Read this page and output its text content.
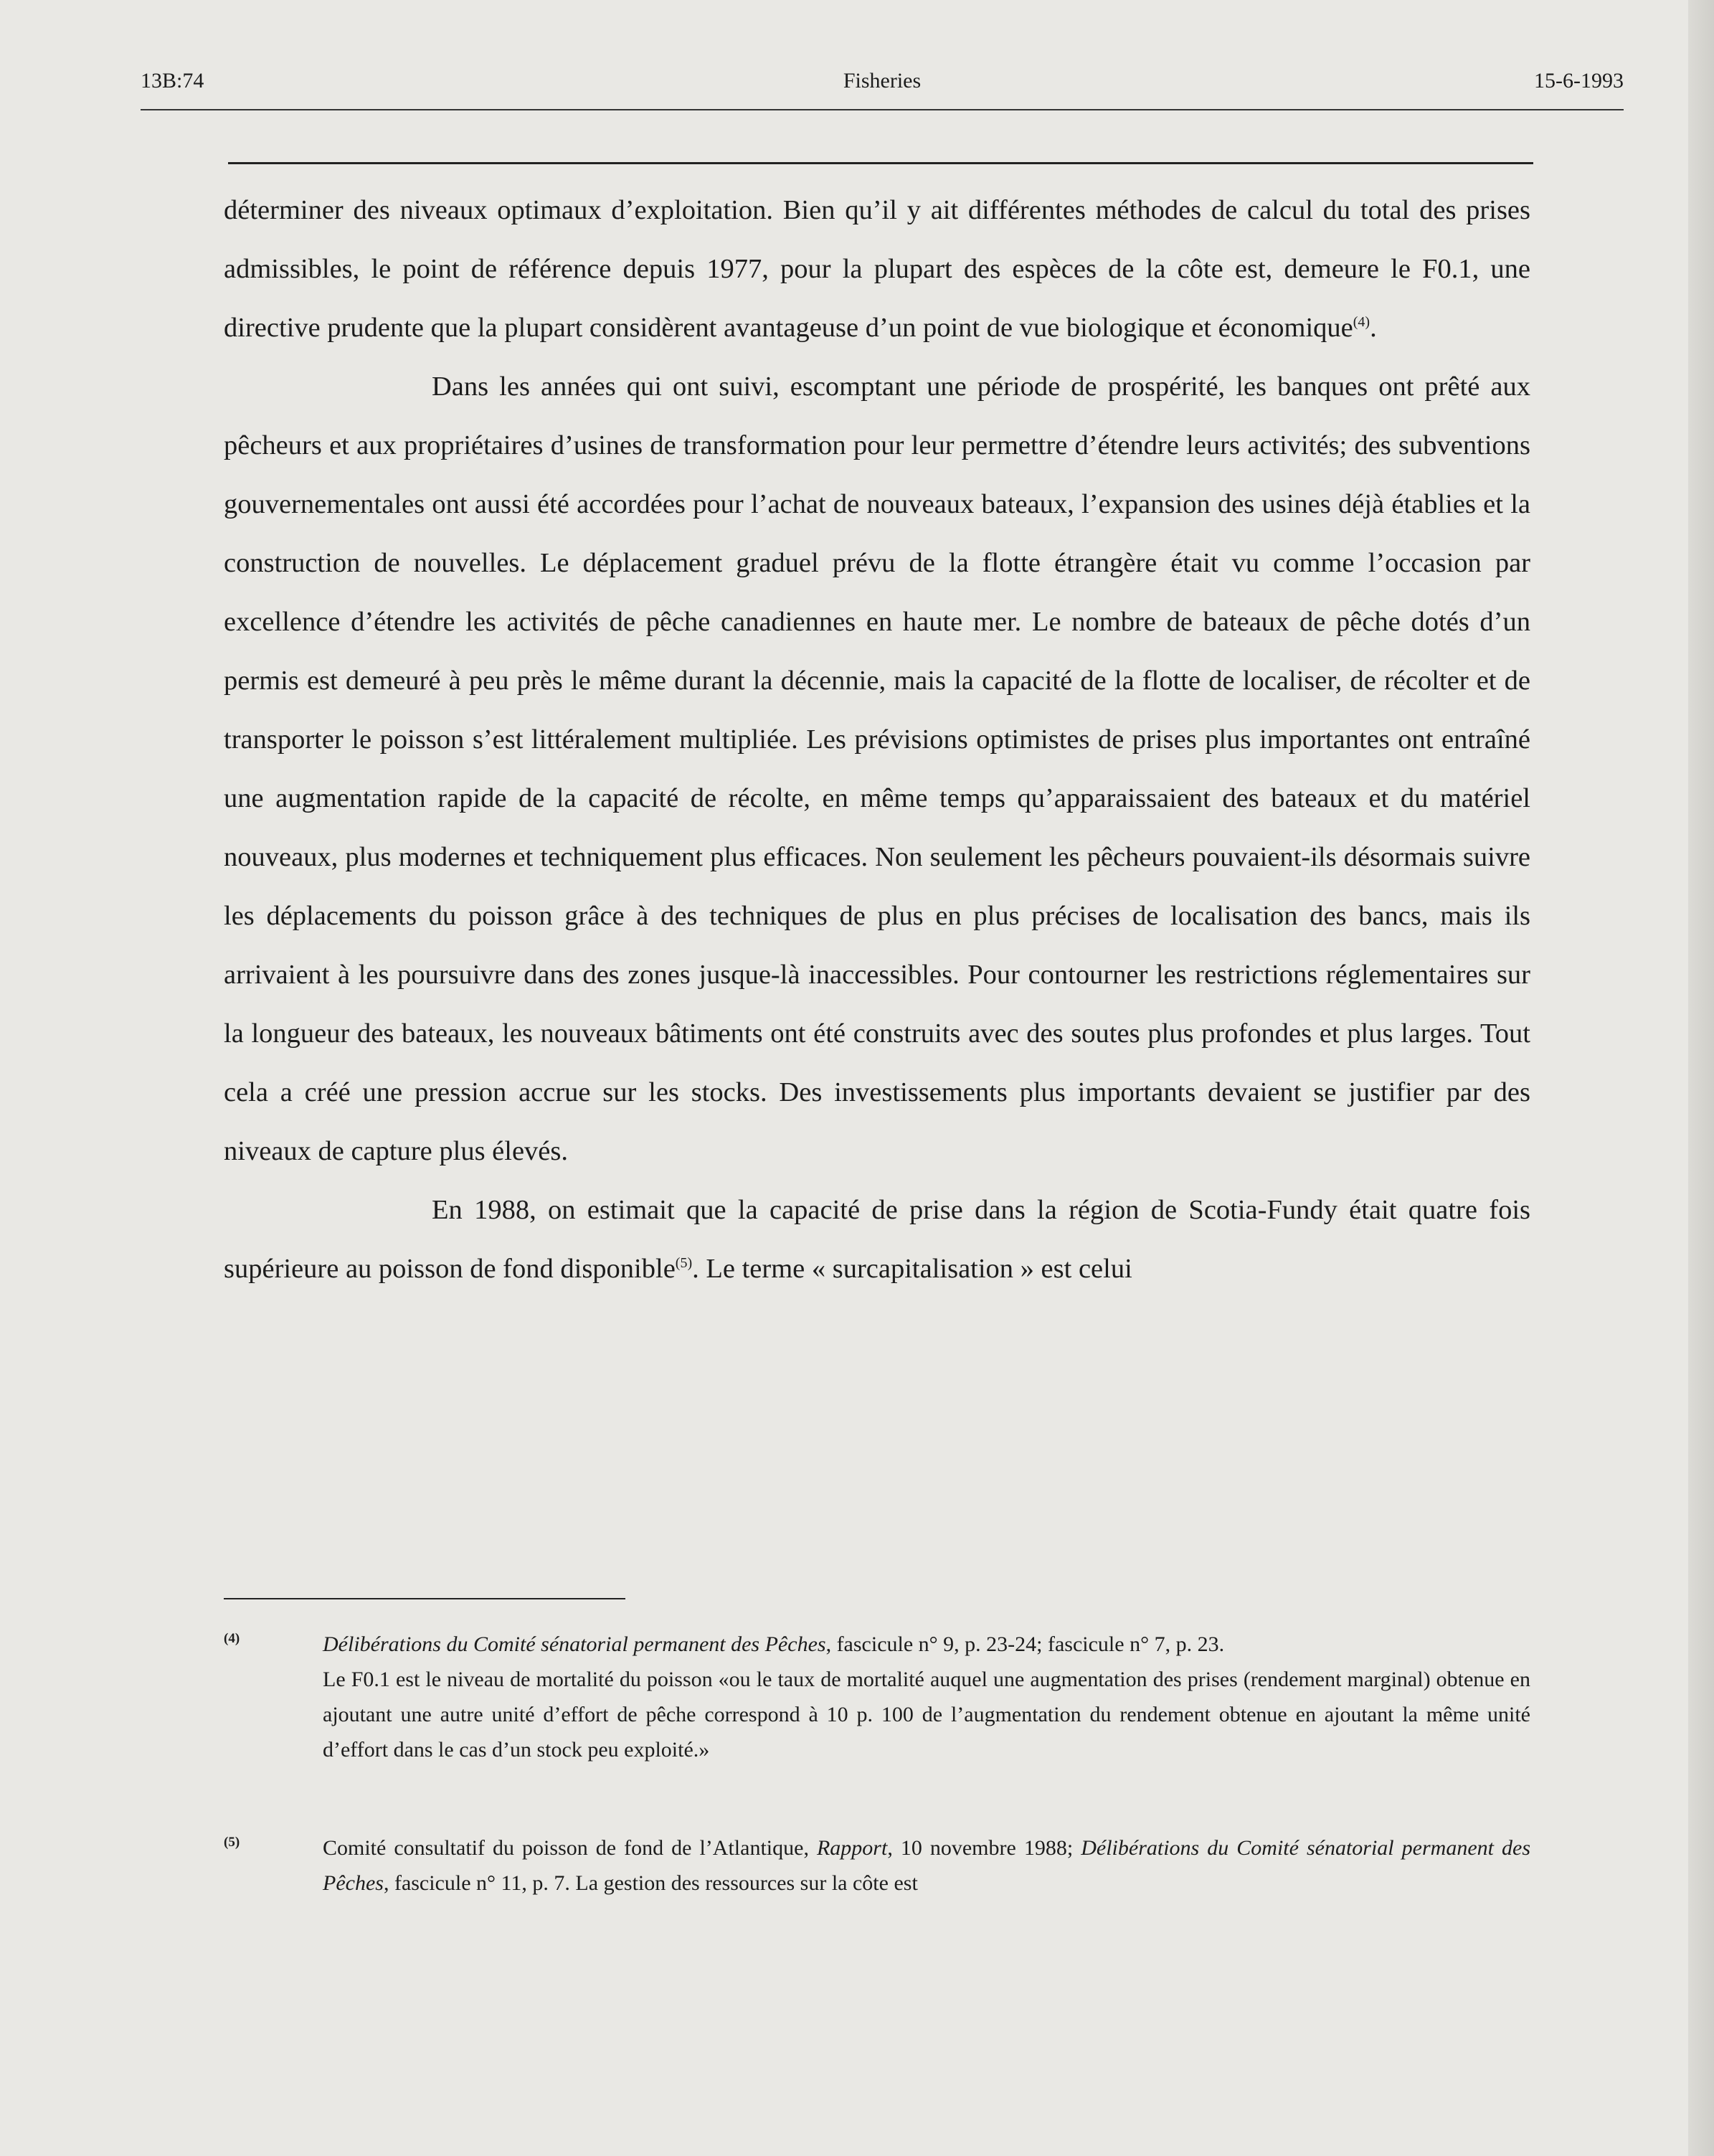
13B:74	Fisheries	15-6-1993

déterminer des niveaux optimaux d’exploitation. Bien qu’il y ait différentes méthodes de calcul du total des prises admissibles, le point de référence depuis 1977, pour la plupart des espèces de la côte est, demeure le F0.1, une directive prudente que la plupart considèrent avantageuse d’un point de vue biologique et économique$^{(4)}$.

Dans les années qui ont suivi, escomptant une période de prospérité, les banques ont prêté aux pêcheurs et aux propriétaires d’usines de transformation pour leur permettre d’étendre leurs activités; des subventions gouvernementales ont aussi été accordées pour l’achat de nouveaux bateaux, l’expansion des usines déjà établies et la construction de nouvelles. Le déplacement graduel prévu de la flotte étrangère était vu comme l’occasion par excellence d’étendre les activités de pêche canadiennes en haute mer. Le nombre de bateaux de pêche dotés d’un permis est demeuré à peu près le même durant la décennie, mais la capacité de la flotte de localiser, de récolter et de transporter le poisson s’est littéralement multipliée. Les prévisions optimistes de prises plus importantes ont entraîné une augmentation rapide de la capacité de récolte, en même temps qu’apparaissaient des bateaux et du matériel nouveaux, plus modernes et techniquement plus efficaces. Non seulement les pêcheurs pouvaient-ils désormais suivre les déplacements du poisson grâce à des techniques de plus en plus précises de localisation des bancs, mais ils arrivaient à les poursuivre dans des zones jusque-là inaccessibles. Pour contourner les restrictions réglementaires sur la longueur des bateaux, les nouveaux bâtiments ont été construits avec des soutes plus profondes et plus larges. Tout cela a créé une pression accrue sur les stocks. Des investissements plus importants devaient se justifier par des niveaux de capture plus élevés.

En 1988, on estimait que la capacité de prise dans la région de Scotia-Fundy était quatre fois supérieure au poisson de fond disponible$^{(5)}$. Le terme « surcapitalisation » est celui

(4)	Délibérations du Comité sénatorial permanent des Pêches, fascicule n° 9, p. 23-24; fascicule n° 7, p. 23.

Le F0.1 est le niveau de mortalité du poisson «ou le taux de mortalité auquel une augmentation des prises (rendement marginal) obtenue en ajoutant une autre unité d’effort de pêche correspond à 10 p. 100 de l’augmentation du rendement obtenue en ajoutant la même unité d’effort dans le cas d’un stock peu exploité.»

(5)	Comité consultatif du poisson de fond de l’Atlantique, Rapport, 10 novembre 1988; Délibérations du Comité sénatorial permanent des Pêches, fascicule n° 11, p. 7. La gestion des ressources sur la côte est
